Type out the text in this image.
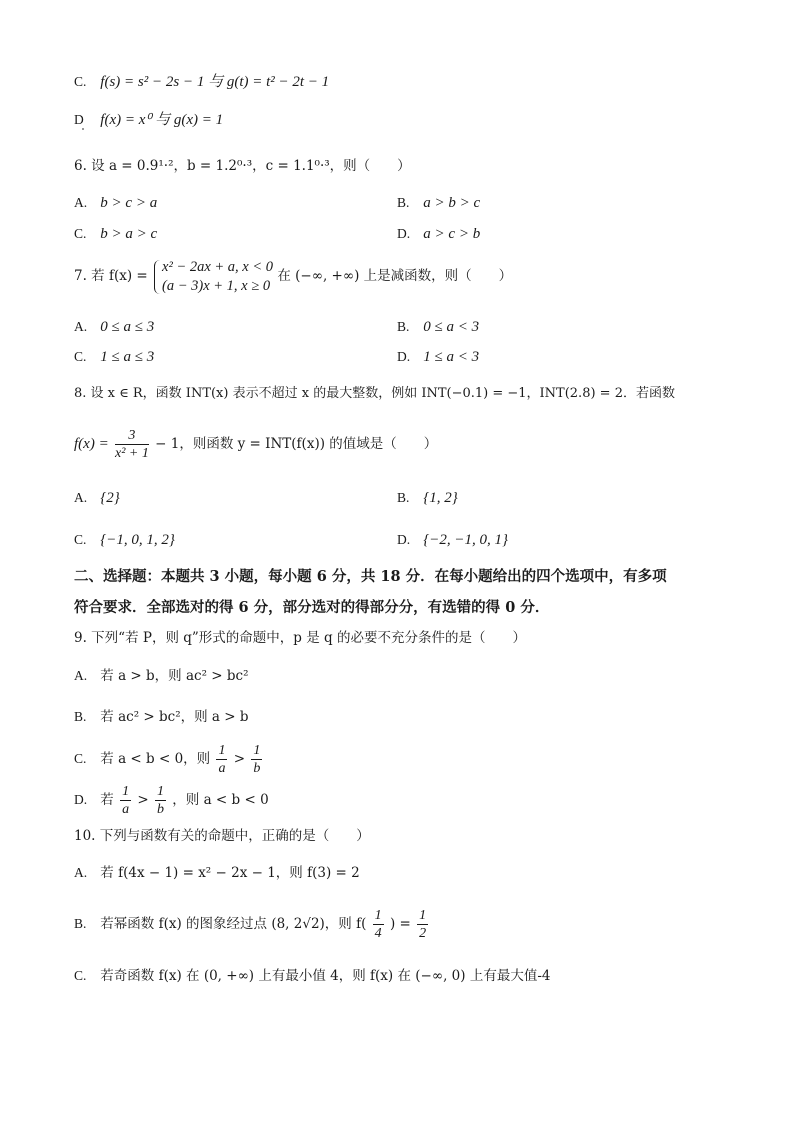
C. f(s) = s² − 2s − 1 与 g(t) = t² − 2t − 1
D f(x) = x⁰ 与 g(x) = 1
6. 设 a = 0.9¹·²，b = 1.2⁰·³，c = 1.1⁰·³，则（　　）
A. b > c > a	B. a > b > c
C. b > a > c	D. a > c > b
7. 若 f(x) =
x² − 2ax + a, x < 0
(a − 3)x + 1, x ≥ 0
在 (−∞, +∞) 上是减函数，则（　　）
A. 0 ≤ a ≤ 3	B. 0 ≤ a < 3
C. 1 ≤ a ≤ 3	D. 1 ≤ a < 3
8. 设 x ∈ R，函数 INT(x) 表示不超过 x 的最大整数，例如 INT(−0.1) = −1，INT(2.8) = 2．若函数
$f(x) = \frac{3}{\text{x² + 1}} - 1$，则函数 y = INT(f(x)) 的值域是（　　）
A. {2}	B. {1, 2}
C. {−1, 0, 1, 2}	D. {−2, −1, 0, 1}
二、选择题：本题共 3 小题，每小题 6 分，共 18 分．在每小题给出的四个选项中，有多项
符合要求．全部选对的得 6 分，部分选对的得部分分，有选错的得 0 分．
9. 下列“若 P，则 q”形式的命题中，p 是 q 的必要不充分条件的是（　　）
A. 若 a > b，则 ac² > bc²
B. 若 ac² > bc²，则 a > b
C. 若 a < b < 0，则 $\frac{1}{a} > \frac{1}{b}$
D. 若 $\frac{1}{a} > \frac{1}{b}$ ，则 a < b < 0
10. 下列与函数有关的命题中，正确的是（　　）
A. 若 f(4x − 1) = x² − 2x − 1，则 f(3) = 2
B. 若幂函数 f(x) 的图象经过点 (8, 2√2)，则 $f( \frac{1}{4}$ ) = $\frac{1}{2}$
C. 若奇函数 f(x) 在 (0, +∞) 上有最小值 4，则 f(x) 在 (−∞, 0) 上有最大值-4
